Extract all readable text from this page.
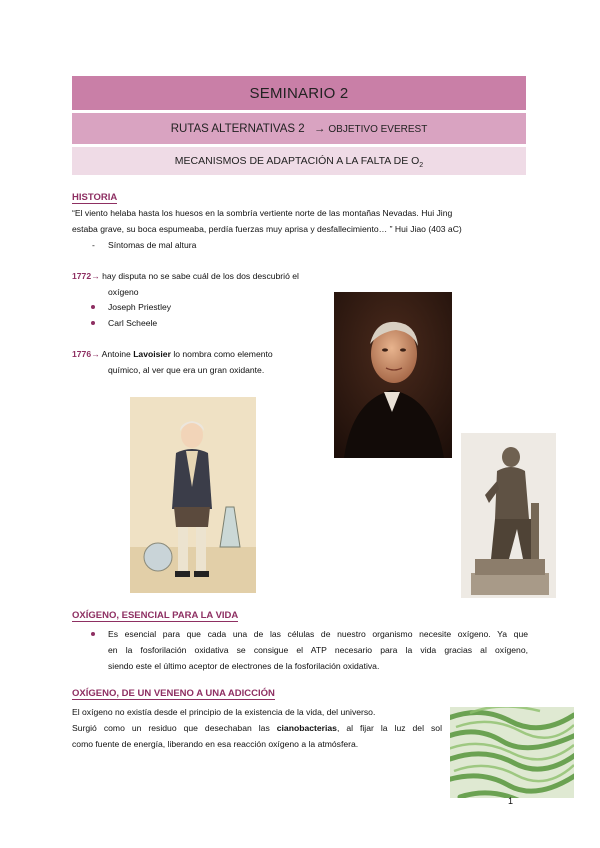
SEMINARIO 2
RUTAS ALTERNATIVAS 2 → OBJETIVO EVEREST
MECANISMOS DE ADAPTACIÓN A LA FALTA DE $O_2$
HISTORIA
“El viento helaba hasta los huesos en la sombría vertiente norte de las montañas Nevadas. Hui Jing
estaba grave, su boca espumeaba, perdía fuerzas muy aprisa y desfallecimiento… ” Hui Jiao (403 aC)
- Síntomas de mal altura
1772→ hay disputa no se sabe cuál de los dos descubrió el
oxígeno
Joseph Priestley
Carl Scheele
1776→ Antoine Lavoisier lo nombra como elemento
químico, al ver que era un gran oxidante.
OXÍGENO, ESENCIAL PARA LA VIDA
Es esencial para que cada una de las células de nuestro organismo necesite oxígeno. Ya que
en la fosforilación oxidativa se consigue el ATP necesario para la vida gracias al oxígeno,
siendo este el último aceptor de electrones de la fosforilación oxidativa.
OXÍGENO, DE UN VENENO A UNA ADICCIÓN
El oxígeno no existía desde el principio de la existencia de la vida, del universo.
Surgió como un residuo que desechaban las cianobacterias, al fijar la luz del sol
como fuente de energía, liberando en esa reacción oxígeno a la atmósfera.
1
